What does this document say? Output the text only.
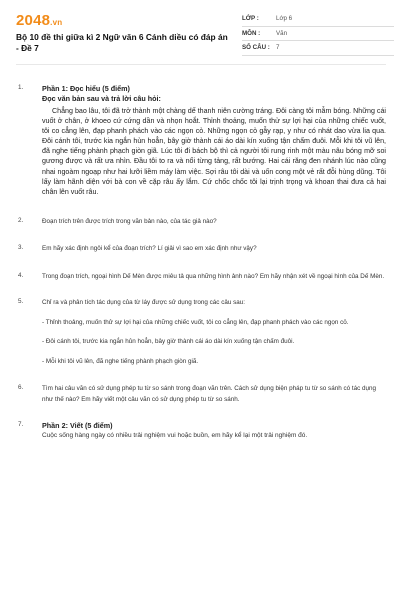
2048.vn
Bộ 10 đề thi giữa kì 2 Ngữ văn 6 Cánh diều có đáp án - Đề 7
LỚP :	Lớp 6
MÔN :	Văn
SỐ CÂU : 7
1.	Phần 1: Đọc hiểu (5 điểm)
Đọc văn bản sau và trả lời câu hỏi:

Chẳng bao lâu, tôi đã trở thành một chàng dế thanh niên cường tráng. Đôi càng tôi mẫm bóng. Những cái vuốt ở chân, ở khoeo cứ cứng dần và nhọn hoắt. Thỉnh thoảng, muốn thử sự lợi hại của những chiếc vuốt, tôi co cẳng lên, đạp phanh phách vào các ngọn cỏ. Những ngọn cỏ gẫy rạp, y như có nhát dao vừa lia qua. Đôi cánh tôi, trước kia ngắn hủn hoẳn, bây giờ thành cái áo dài kín xuống tận chấm đuôi. Mỗi khi tôi vũ lên, đã nghe tiếng phành phạch giòn giã. Lúc tôi đi bách bộ thì cả người tôi rung rinh một màu nâu bóng mỡ soi gương được và rất ưa nhìn. Đầu tôi to ra và nổi từng tảng, rất bướng. Hai cái răng đen nhánh lúc nào cũng nhai ngoàm ngoạp như hai lưỡi liềm máy làm việc. Sợi râu tôi dài và uốn cong một vẻ rất đỗi hùng dũng. Tôi lấy làm hãnh diện với bà con về cặp râu ấy lắm. Cứ chốc chốc tôi lại trịnh trọng và khoan thai đưa cả hai chân lên vuốt râu.

2.	Đoạn trích trên được trích trong văn bản nào, của tác giả nào?
3.	Em hãy xác định ngôi kể của đoạn trích? Lí giải vì sao em xác định như vậy?
4.	Trong đoạn trích, ngoại hình Dế Mèn được miêu tả qua những hình ảnh nào? Em hãy nhận xét về ngoại hình của Dế Mèn.
5.	Chỉ ra và phân tích tác dụng của từ láy được sử dụng trong các câu sau:
- Thỉnh thoảng, muốn thử sự lợi hại của những chiếc vuốt, tôi co cẳng lên, đạp phanh phách vào các ngọn cỏ.
- Đôi cánh tôi, trước kia ngắn hủn hoẳn, bây giờ thành cái áo dài kín xuống tận chấm đuôi.
- Mỗi khi tôi vũ lên, đã nghe tiếng phành phạch giòn giã.
6.	Tìm hai câu văn có sử dụng phép tu từ so sánh trong đoạn văn trên. Cách sử dụng biện pháp tu từ so sánh có tác dụng như thế nào? Em hãy viết một câu văn có sử dụng phép tu từ so sánh.
7.	Phần 2: Viết (5 điểm)
Cuộc sống hàng ngày có nhiều trải nghiệm vui hoặc buồn, em hãy kể lại một trải nghiệm đó.
